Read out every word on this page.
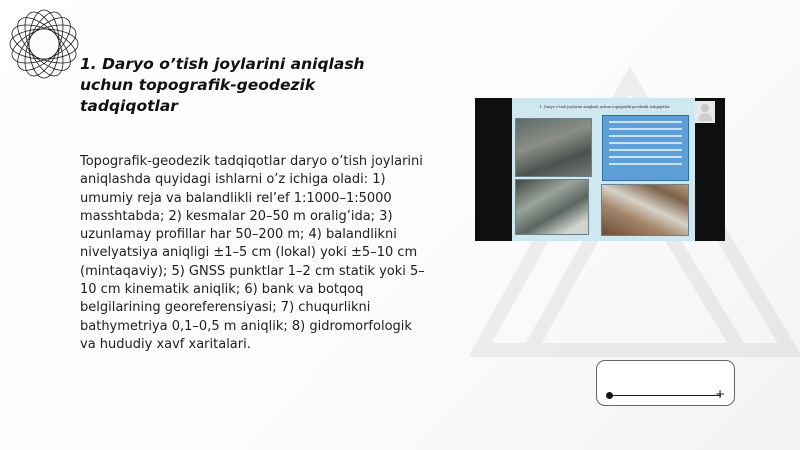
1. Daryo o’tish joylarini aniqlash uchun topografik-geodezik tadqiqotlar

Topografik-geodezik tadqiqotlar daryo o’tish joylarini aniqlashda quyidagi ishlarni o’z ichiga oladi: 1) umumiy reja va balandlikli rel’ef 1:1000–1:5000 masshtabda; 2) kesmalar 20–50 m oralig’ida; 3) uzunlamay profillar har 50–200 m; 4) balandlikni nivelyatsiya aniqligi ±1–5 cm (lokal) yoki ±5–10 cm (mintaqaviy); 5) GNSS punktlar 1–2 cm statik yoki 5–10 cm kinematik aniqlik; 6) bank va botqoq belgilarining georeferensiyasi; 7) chuqurlikni bathymetriya 0,1–0,5 m aniqlik; 8) gidromorfologik va hududiy xavf xaritalari.

1. Daryo o’tish joylarini aniqlash uchun topografik-geodezik tadqiqotlar
+
